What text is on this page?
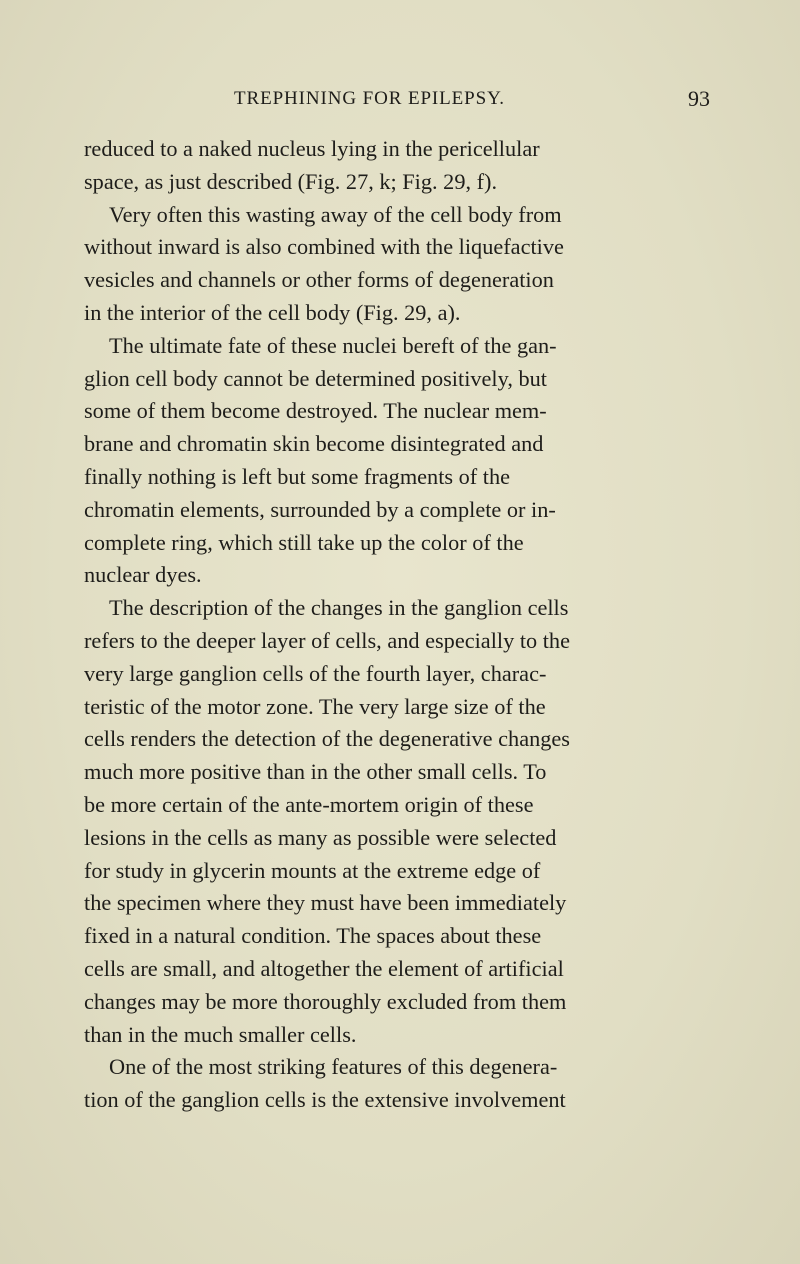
TREPHINING FOR EPILEPSY.	93
reduced to a naked nucleus lying in the pericellular
space, as just described (Fig. 27, k; Fig. 29, f).
Very often this wasting away of the cell body from
without inward is also combined with the liquefactive
vesicles and channels or other forms of degeneration
in the interior of the cell body (Fig. 29, a).
The ultimate fate of these nuclei bereft of the gan-
glion cell body cannot be determined positively, but
some of them become destroyed. The nuclear mem-
brane and chromatin skin become disintegrated and
finally nothing is left but some fragments of the
chromatin elements, surrounded by a complete or in-
complete ring, which still take up the color of the
nuclear dyes.
The description of the changes in the ganglion cells
refers to the deeper layer of cells, and especially to the
very large ganglion cells of the fourth layer, charac-
teristic of the motor zone. The very large size of the
cells renders the detection of the degenerative changes
much more positive than in the other small cells. To
be more certain of the ante-mortem origin of these
lesions in the cells as many as possible were selected
for study in glycerin mounts at the extreme edge of
the specimen where they must have been immediately
fixed in a natural condition. The spaces about these
cells are small, and altogether the element of artificial
changes may be more thoroughly excluded from them
than in the much smaller cells.
One of the most striking features of this degenera-
tion of the ganglion cells is the extensive involvement
